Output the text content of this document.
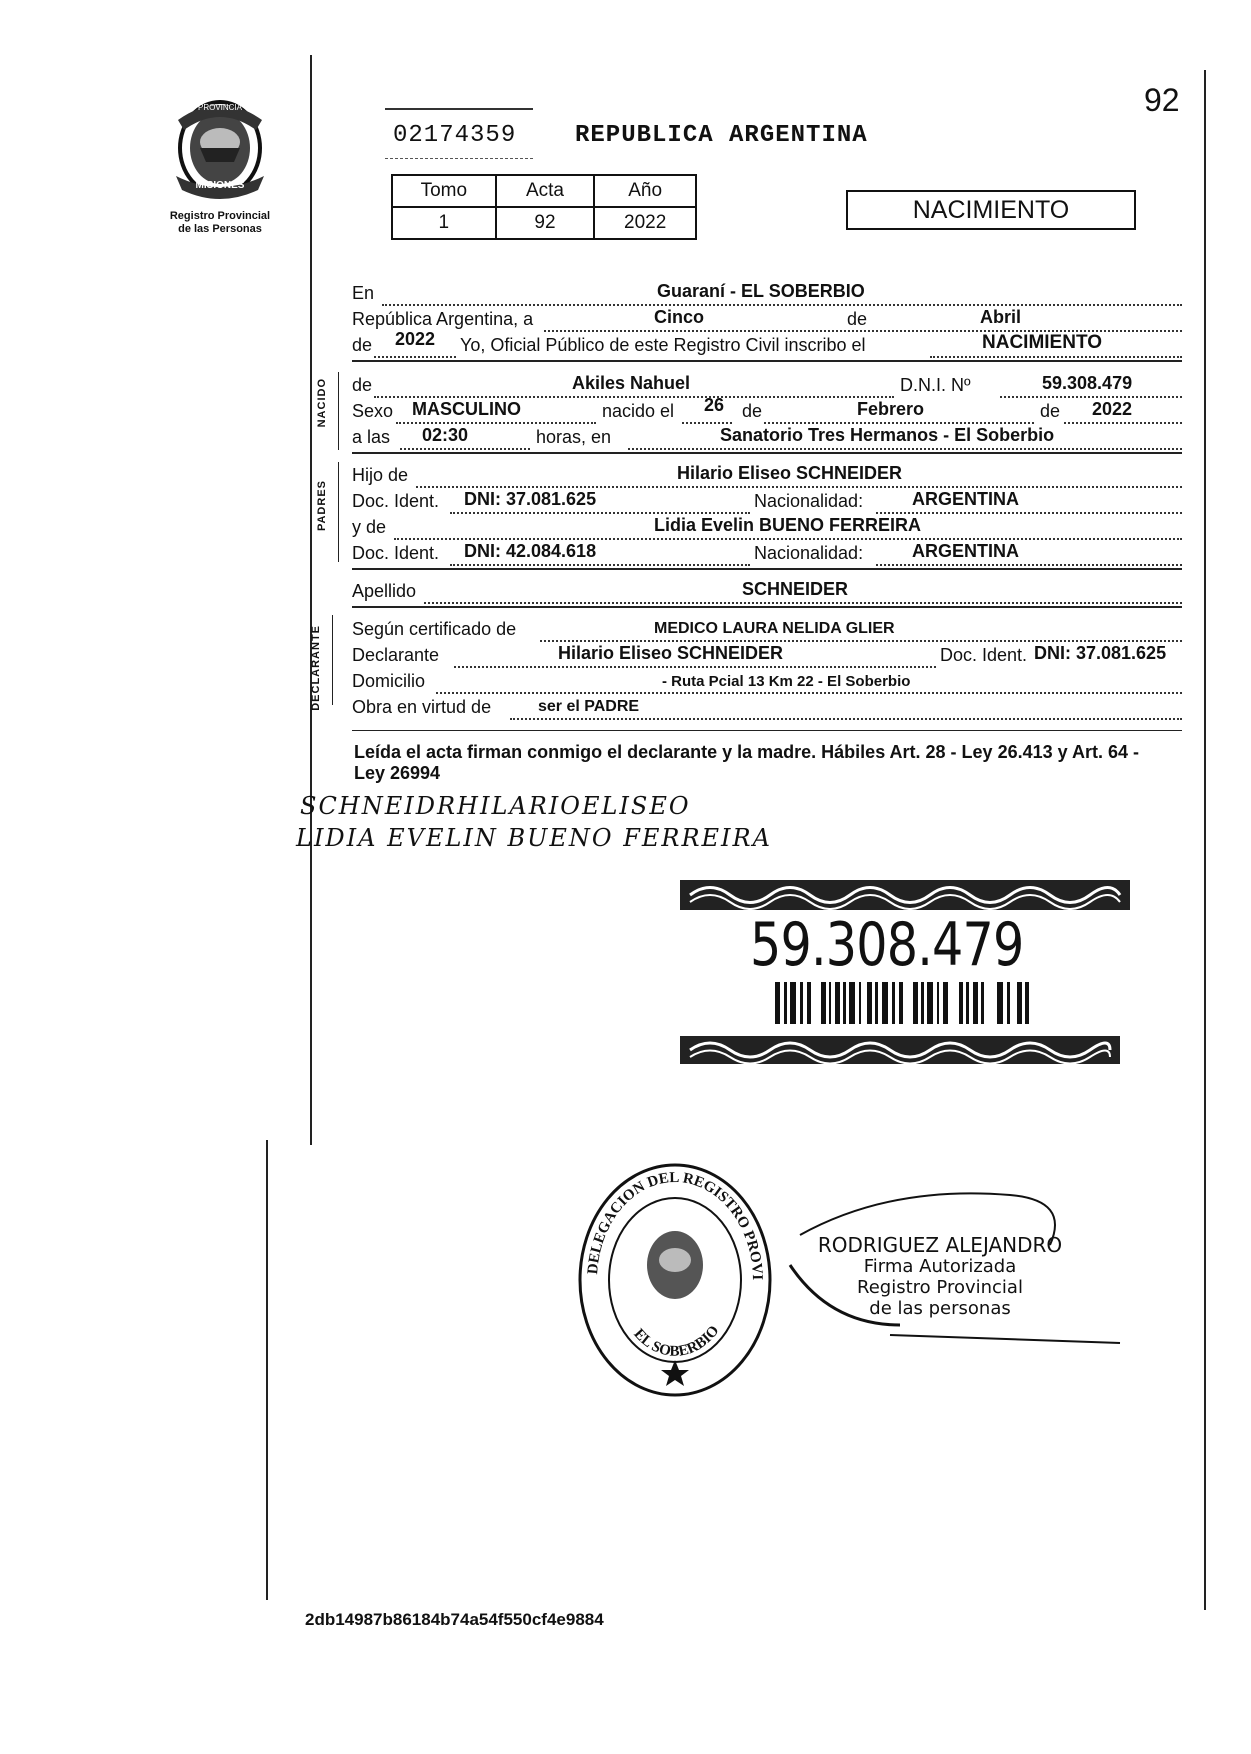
MISIONES
PROVINCIA
Registro Provincial
de las Personas
92
02174359 REPUBLICA ARGENTINA
Tomo	Acta	Año
1	92	2022	NACIMIENTO
NACIDO
PADRES
DECLARANTE
En	Guaraní - EL SOBERBIO
República Argentina, a	Cinco	de	Abril
de 2022 Yo, Oficial Público de este Registro Civil inscribo el	NACIMIENTO
de	Akiles Nahuel	D.N.I. Nº	59.308.479
Sexo MASCULINO	nacido el 26 de	Febrero	de 2022
a las 02:30	horas, en	Sanatorio Tres Hermanos - El Soberbio
Hijo de	Hilario Eliseo SCHNEIDER
Doc. Ident. DNI: 37.081.625	Nacionalidad:	ARGENTINA
y de	Lidia Evelin BUENO FERREIRA
Doc. Ident. DNI: 42.084.618	Nacionalidad:	ARGENTINA
Apellido	SCHNEIDER
Según certificado de	MEDICO LAURA NELIDA GLIER
Declarante	Hilario Eliseo SCHNEIDER	Doc. Ident. DNI: 37.081.625
Domicilio	- Ruta Pcial 13 Km 22 - El Soberbio
Obra en virtud de	ser el PADRE
Leída el acta firman conmigo el declarante y la madre. Hábiles Art. 28 - Ley 26.413 y Art. 64 - Ley 26994
SCHNEIDRHILARIOELISEO
LIDIA EVELIN BUENO FERREIRA
59.308.479
DELEGACION DEL REGISTRO PROVI
EL SOBERBIO
RODRIGUEZ ALEJANDRO
Firma Autorizada
Registro Provincial
de las personas
2db14987b86184b74a54f550cf4e9884
